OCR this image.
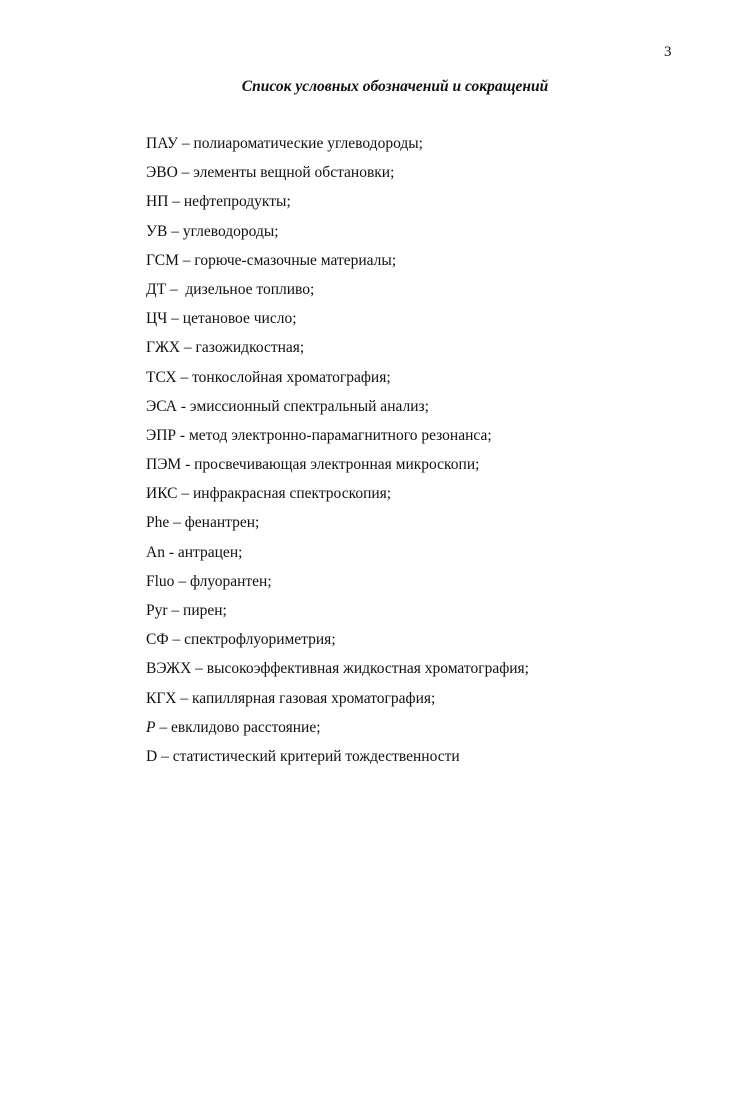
3
Список условных обозначений и сокращений
ПАУ – полиароматические углеводороды;
ЭВО – элементы вещной обстановки;
НП – нефтепродукты;
УВ – углеводороды;
ГСМ – горюче-смазочные материалы;
ДТ –  дизельное топливо;
ЦЧ – цетановое число;
ГЖХ – газожидкостная;
ТСХ – тонкослойная хроматография;
ЭСА - эмиссионный спектральный анализ;
ЭПР - метод электронно-парамагнитного резонанса;
ПЭМ - просвечивающая электронная микроскопи;
ИКС – инфракрасная спектроскопия;
Phe – фенантрен;
An - антрацен;
Fluo – флуорантен;
Pyr – пирен;
СФ – спектрофлуориметрия;
ВЭЖХ – высокоэффективная жидкостная хроматография;
КГХ – капиллярная газовая хроматография;
P – евклидово расстояние;
D – статистический критерий тождественности
